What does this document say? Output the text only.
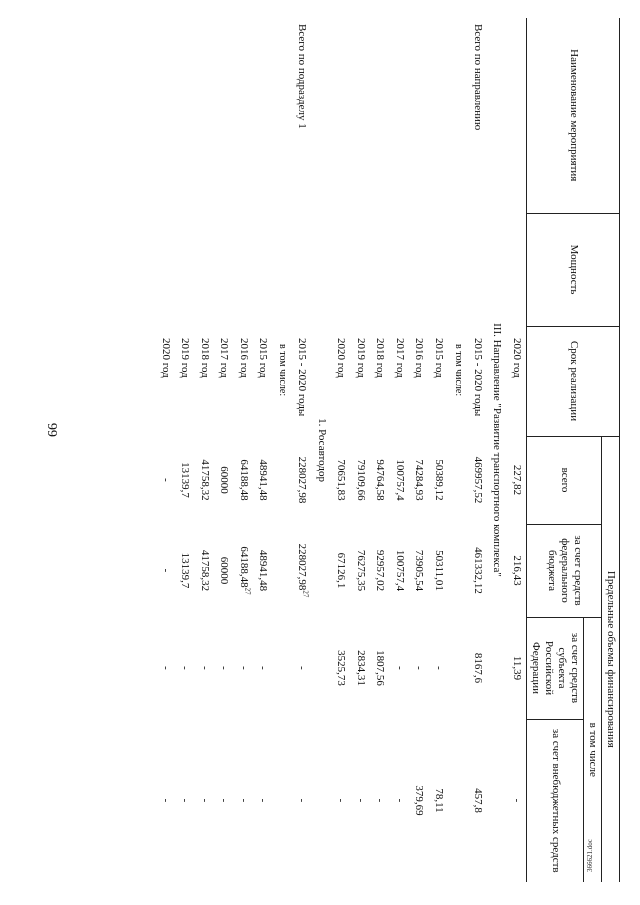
66
366621.doc
Наименование мероприятия	Мощность	Срок реализации	Предельные объемы финансирования			
			всего	за счет средств федерального бюджета	в том числе	
					за счет средств субъекта Российской Федерации	за счет внебюджетных средств
		2020 год	227,82	216,43	11,39	-
III. Направление "Развитие транспортного комплекса"						
Всего по направлению		2015 - 2020 годы	469957,52	461332,12	8167,6	457,8
		в том числе:				
		2015 год	50389,12	50311,01	-	78,11
		2016 год	74284,93	73905,54	-	379,69
		2017 год	100757,4	100757,4	-	-
		2018 год	94764,58	92957,02	1807,56	-
		2019 год	79109,66	76275,35	2834,31	-
		2020 год	70651,83	67126,1	3525,73	-
1. Росавтодор						
Всего по подразделу 1		2015 - 2020 годы	228027,98	228027,98$^{27}$	-	-
		в том числе:				
		2015 год	48941,48	48941,48	-	-
		2016 год	64188,48	64188,48$^{27}$	-	-
		2017 год	60000	60000	-	-
		2018 год	41758,32	41758,32	-	-
		2019 год	13139,7	13139,7	-	-
		2020 год	-	-	-	-
